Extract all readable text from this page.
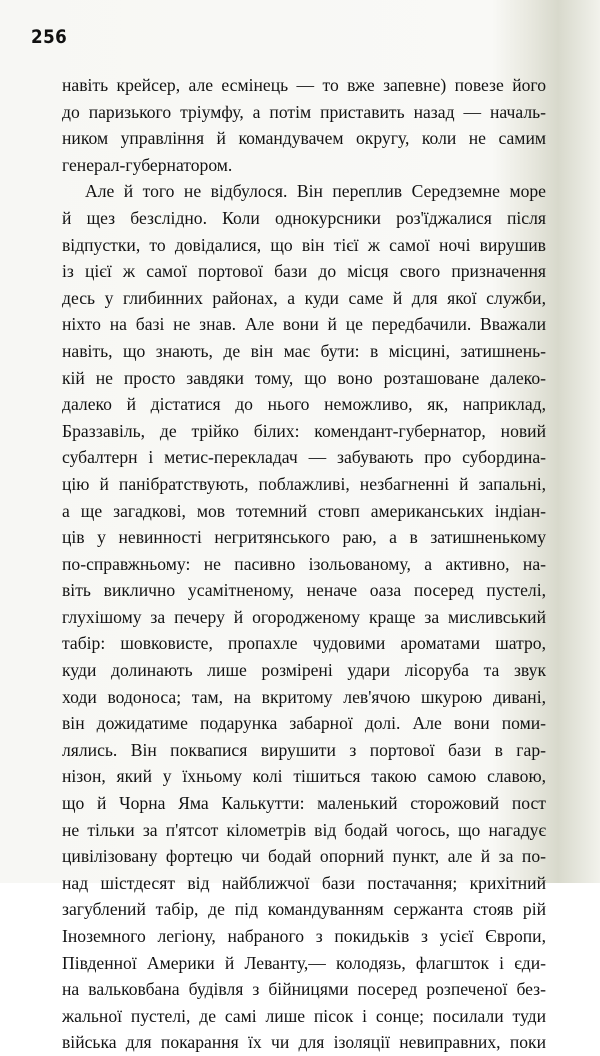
256
навіть крейсер, але есмінець — то вже запевне) повезе його
до паризького тріумфу, а потім приставить назад — началь-
ником управління й командувачем округу, коли не самим
генерал-губернатором.
Але й того не відбулося. Він переплив Середземне море
й щез безслідно. Коли однокурсники роз'їджалися після
відпустки, то довідалися, що він тієї ж самої ночі вирушив
із цієї ж самої портової бази до місця свого призначення
десь у глибинних районах, а куди саме й для якої служби,
ніхто на базі не знав. Але вони й це передбачили. Вважали
навіть, що знають, де він має бути: в місцині, затишнень-
кій не просто завдяки тому, що воно розташоване далеко-
далеко й дістатися до нього неможливо, як, наприклад,
Браззавіль, де трійко білих: комендант-губернатор, новий
субалтерн і метис-перекладач — забувають про субордина-
цію й панібратствують, поблажливі, незбагненні й запальні,
а ще загадкові, мов тотемний стовп американських індіан-
ців у невинності негритянського раю, а в затишненькому
по-справжньому: не пасивно ізольованому, а активно, на-
віть виклично усамітненому, неначе оаза посеред пустелі,
глухішому за печеру й огородженому краще за мисливський
табір: шовковисте, пропахле чудовими ароматами шатро,
куди долинають лише розмірені удари лісоруба та звук
ходи водоноса; там, на вкритому лев'ячою шкурою дивані,
він дожидатиме подарунка забарної долі. Але вони поми-
лялись. Він поквапися вирушити з портової бази в гар-
нізон, який у їхньому колі тішиться такою самою славою,
що й Чорна Яма Калькутти: маленький сторожовий пост
не тільки за п'ятсот кілометрів від бодай чогось, що нагадує
цивілізовану фортецю чи бодай опорний пункт, але й за по-
над шістдесят від найближчої бази постачання; крихітний
загублений табір, де під командуванням сержанта стояв рій
Іноземного легіону, набраного з покидьків з усієї Європи,
Південної Америки й Леванту,— колодязь, флагшток і єди-
на вальковбана будівля з бійницями посеред розпеченої без-
жальної пустелі, де самі лише пісок і сонце; посилали туди
війська для покарання їх чи для ізоляції невиправних, поки
